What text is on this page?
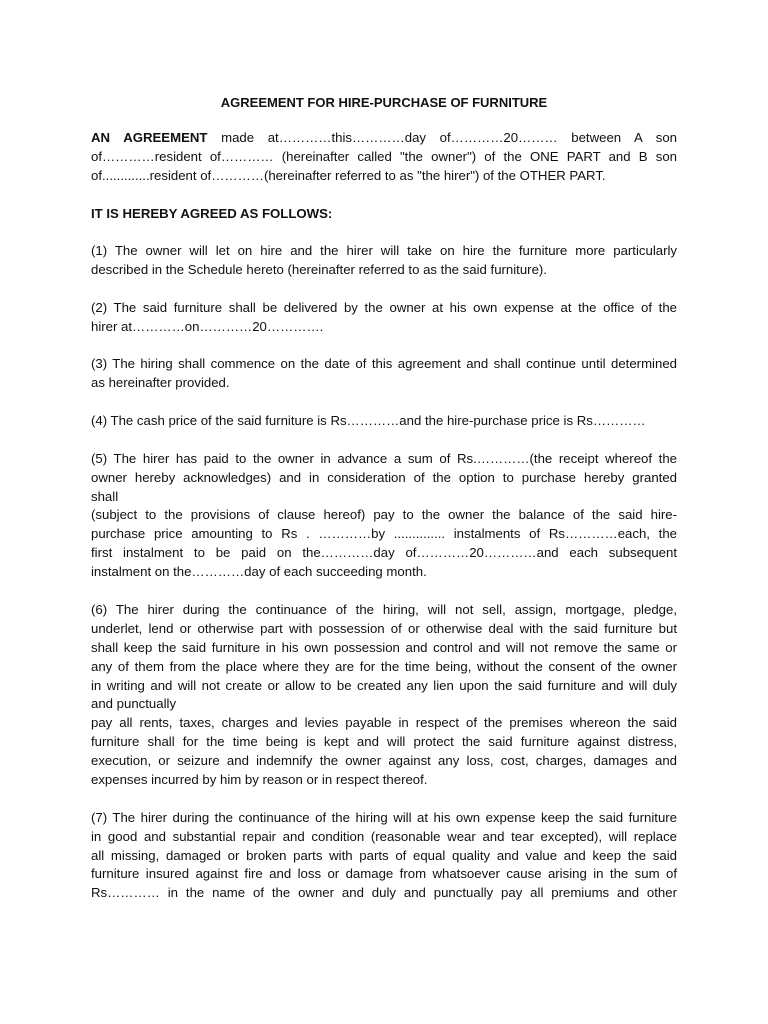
AGREEMENT FOR HIRE-PURCHASE OF FURNITURE
AN AGREEMENT made at…………this…………day of…………20……… between A son
of…………resident of………… (hereinafter called "the owner") of the ONE PART and B son
of.............resident of…………(hereinafter referred to as "the hirer") of the OTHER PART.
IT IS HEREBY AGREED AS FOLLOWS:
(1) The owner will let on hire and the hirer will take on hire the furniture more particularly
described in the Schedule hereto (hereinafter referred to as the said furniture).
(2) The said furniture shall be delivered by the owner at his own expense at the office of the
hirer at…………on…………20………….
(3) The hiring shall commence on the date of this agreement and shall continue until determined
as hereinafter provided.
(4) The cash price of the said furniture is Rs…………and the hire-purchase price is Rs…………
(5) The hirer has paid to the owner in advance a sum of Rs.…………(the receipt whereof the
owner hereby acknowledges) and in consideration of the option to purchase hereby granted
shall
(subject to the provisions of clause hereof) pay to the owner the balance of the said hire-
purchase price amounting to Rs . …………by .............. instalments of Rs…………each, the
first instalment to be paid on the…………day of…………20…………and each subsequent
instalment on the…………day of each succeeding month.
(6) The hirer during the continuance of the hiring, will not sell, assign, mortgage, pledge,
underlet, lend or otherwise part with possession of or otherwise deal with the said furniture but
shall keep the said furniture in his own possession and control and will not remove the same or
any of them from the place where they are for the time being, without the consent of the owner
in writing and will not create or allow to be created any lien upon the said furniture and will duly
and punctually
pay all rents, taxes, charges and levies payable in respect of the premises whereon the said
furniture shall for the time being is kept and will protect the said furniture against distress,
execution, or seizure and indemnify the owner against any loss, cost, charges, damages and
expenses incurred by him by reason or in respect thereof.
(7) The hirer during the continuance of the hiring will at his own expense keep the said furniture
in good and substantial repair and condition (reasonable wear and tear excepted), will replace
all missing, damaged or broken parts with parts of equal quality and value and keep the said
furniture insured against fire and loss or damage from whatsoever cause arising in the sum of
Rs………… in the name of the owner and duly and punctually pay all premiums and other
